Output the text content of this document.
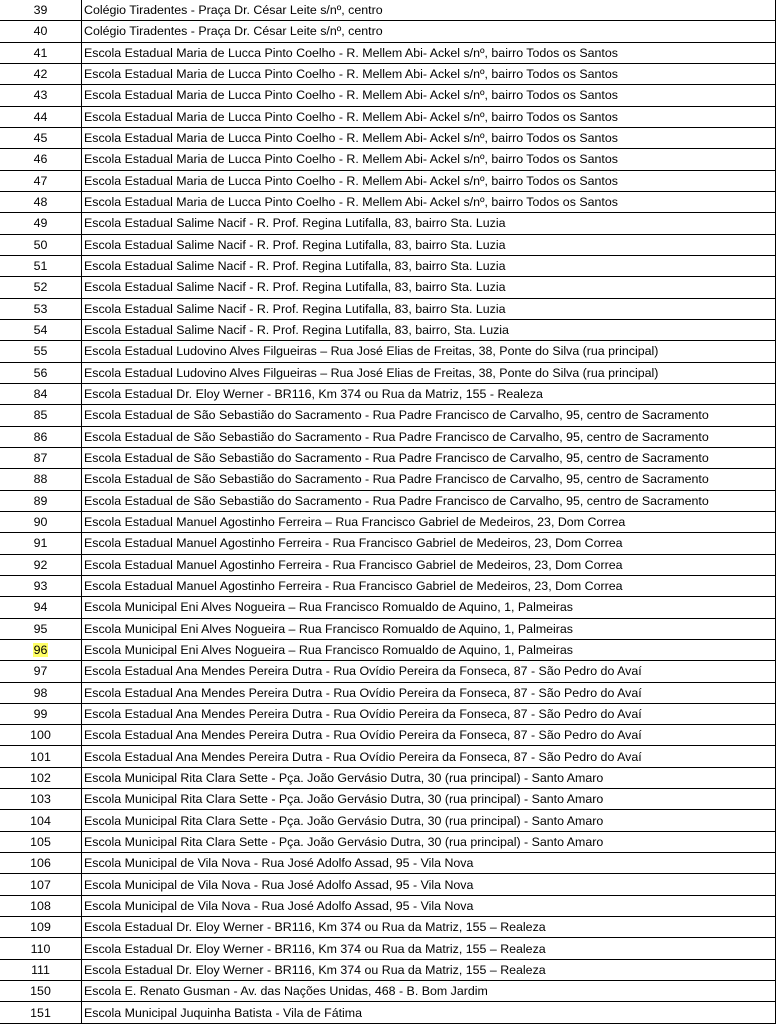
39	Colégio Tiradentes - Praça Dr. César Leite s/nº, centro
40	Colégio Tiradentes - Praça Dr. César Leite s/nº, centro
41	Escola Estadual Maria de Lucca Pinto Coelho - R. Mellem Abi- Ackel s/nº, bairro Todos os Santos
42	Escola Estadual Maria de Lucca Pinto Coelho - R. Mellem Abi- Ackel s/nº, bairro Todos os Santos
43	Escola Estadual Maria de Lucca Pinto Coelho - R. Mellem Abi- Ackel s/nº, bairro Todos os Santos
44	Escola Estadual Maria de Lucca Pinto Coelho - R. Mellem Abi- Ackel s/nº, bairro Todos os Santos
45	Escola Estadual Maria de Lucca Pinto Coelho - R. Mellem Abi- Ackel s/nº, bairro Todos os Santos
46	Escola Estadual Maria de Lucca Pinto Coelho - R. Mellem Abi- Ackel s/nº, bairro Todos os Santos
47	Escola Estadual Maria de Lucca Pinto Coelho - R. Mellem Abi- Ackel s/nº, bairro Todos os Santos
48	Escola Estadual Maria de Lucca Pinto Coelho - R. Mellem Abi- Ackel s/nº, bairro Todos os Santos
49	Escola Estadual Salime Nacif - R. Prof. Regina Lutifalla, 83, bairro Sta. Luzia
50	Escola Estadual Salime Nacif - R. Prof. Regina Lutifalla, 83, bairro Sta. Luzia
51	Escola Estadual Salime Nacif - R. Prof. Regina Lutifalla, 83, bairro Sta. Luzia
52	Escola Estadual Salime Nacif - R. Prof. Regina Lutifalla, 83, bairro Sta. Luzia
53	Escola Estadual Salime Nacif - R. Prof. Regina Lutifalla, 83, bairro Sta. Luzia
54	Escola Estadual Salime Nacif - R. Prof. Regina Lutifalla, 83, bairro, Sta. Luzia
55	Escola Estadual Ludovino Alves Filgueiras – Rua José Elias de Freitas, 38, Ponte do Silva (rua principal)
56	Escola Estadual Ludovino Alves Filgueiras – Rua José Elias de Freitas, 38, Ponte do Silva (rua principal)
84	Escola Estadual Dr. Eloy Werner - BR116, Km 374 ou Rua da Matriz, 155 - Realeza
85	Escola Estadual de São Sebastião do Sacramento - Rua Padre Francisco de Carvalho, 95, centro de Sacramento
86	Escola Estadual de São Sebastião do Sacramento - Rua Padre Francisco de Carvalho, 95, centro de Sacramento
87	Escola Estadual de São Sebastião do Sacramento - Rua Padre Francisco de Carvalho, 95, centro de Sacramento
88	Escola Estadual de São Sebastião do Sacramento - Rua Padre Francisco de Carvalho, 95, centro de Sacramento
89	Escola Estadual de São Sebastião do Sacramento - Rua Padre Francisco de Carvalho, 95, centro de Sacramento
90	Escola Estadual Manuel Agostinho Ferreira – Rua Francisco Gabriel de Medeiros, 23, Dom Correa
91	Escola Estadual Manuel Agostinho Ferreira - Rua Francisco Gabriel de Medeiros, 23, Dom Correa
92	Escola Estadual Manuel Agostinho Ferreira - Rua Francisco Gabriel de Medeiros, 23, Dom Correa
93	Escola Estadual Manuel Agostinho Ferreira - Rua Francisco Gabriel de Medeiros, 23, Dom Correa
94	Escola Municipal Eni Alves Nogueira – Rua Francisco Romualdo de Aquino, 1, Palmeiras
95	Escola Municipal Eni Alves Nogueira – Rua Francisco Romualdo de Aquino, 1, Palmeiras
96	Escola Municipal Eni Alves Nogueira – Rua Francisco Romualdo de Aquino, 1, Palmeiras
97	Escola Estadual Ana Mendes Pereira Dutra - Rua Ovídio Pereira da Fonseca, 87 - São Pedro do Avaí
98	Escola Estadual Ana Mendes Pereira Dutra - Rua Ovídio Pereira da Fonseca, 87 - São Pedro do Avaí
99	Escola Estadual Ana Mendes Pereira Dutra - Rua Ovídio Pereira da Fonseca, 87 - São Pedro do Avaí
100	Escola Estadual Ana Mendes Pereira Dutra - Rua Ovídio Pereira da Fonseca, 87 - São Pedro do Avaí
101	Escola Estadual Ana Mendes Pereira Dutra - Rua Ovídio Pereira da Fonseca, 87 - São Pedro do Avaí
102	Escola Municipal Rita Clara Sette - Pça. João Gervásio Dutra, 30 (rua principal) - Santo Amaro
103	Escola Municipal Rita Clara Sette - Pça. João Gervásio Dutra, 30 (rua principal) - Santo Amaro
104	Escola Municipal Rita Clara Sette - Pça. João Gervásio Dutra, 30 (rua principal) - Santo Amaro
105	Escola Municipal Rita Clara Sette - Pça. João Gervásio Dutra, 30 (rua principal) - Santo Amaro
106	Escola Municipal de Vila Nova - Rua José Adolfo Assad, 95 - Vila Nova
107	Escola Municipal de Vila Nova - Rua José Adolfo Assad, 95 - Vila Nova
108	Escola Municipal de Vila Nova - Rua José Adolfo Assad, 95 - Vila Nova
109	Escola Estadual Dr. Eloy Werner - BR116, Km 374 ou Rua da Matriz, 155 – Realeza
110	Escola Estadual Dr. Eloy Werner - BR116, Km 374 ou Rua da Matriz, 155 – Realeza
111	Escola Estadual Dr. Eloy Werner - BR116, Km 374 ou Rua da Matriz, 155 – Realeza
150	Escola E. Renato Gusman - Av. das Nações Unidas, 468 - B. Bom Jardim
151	Escola Municipal Juquinha Batista - Vila de Fátima
